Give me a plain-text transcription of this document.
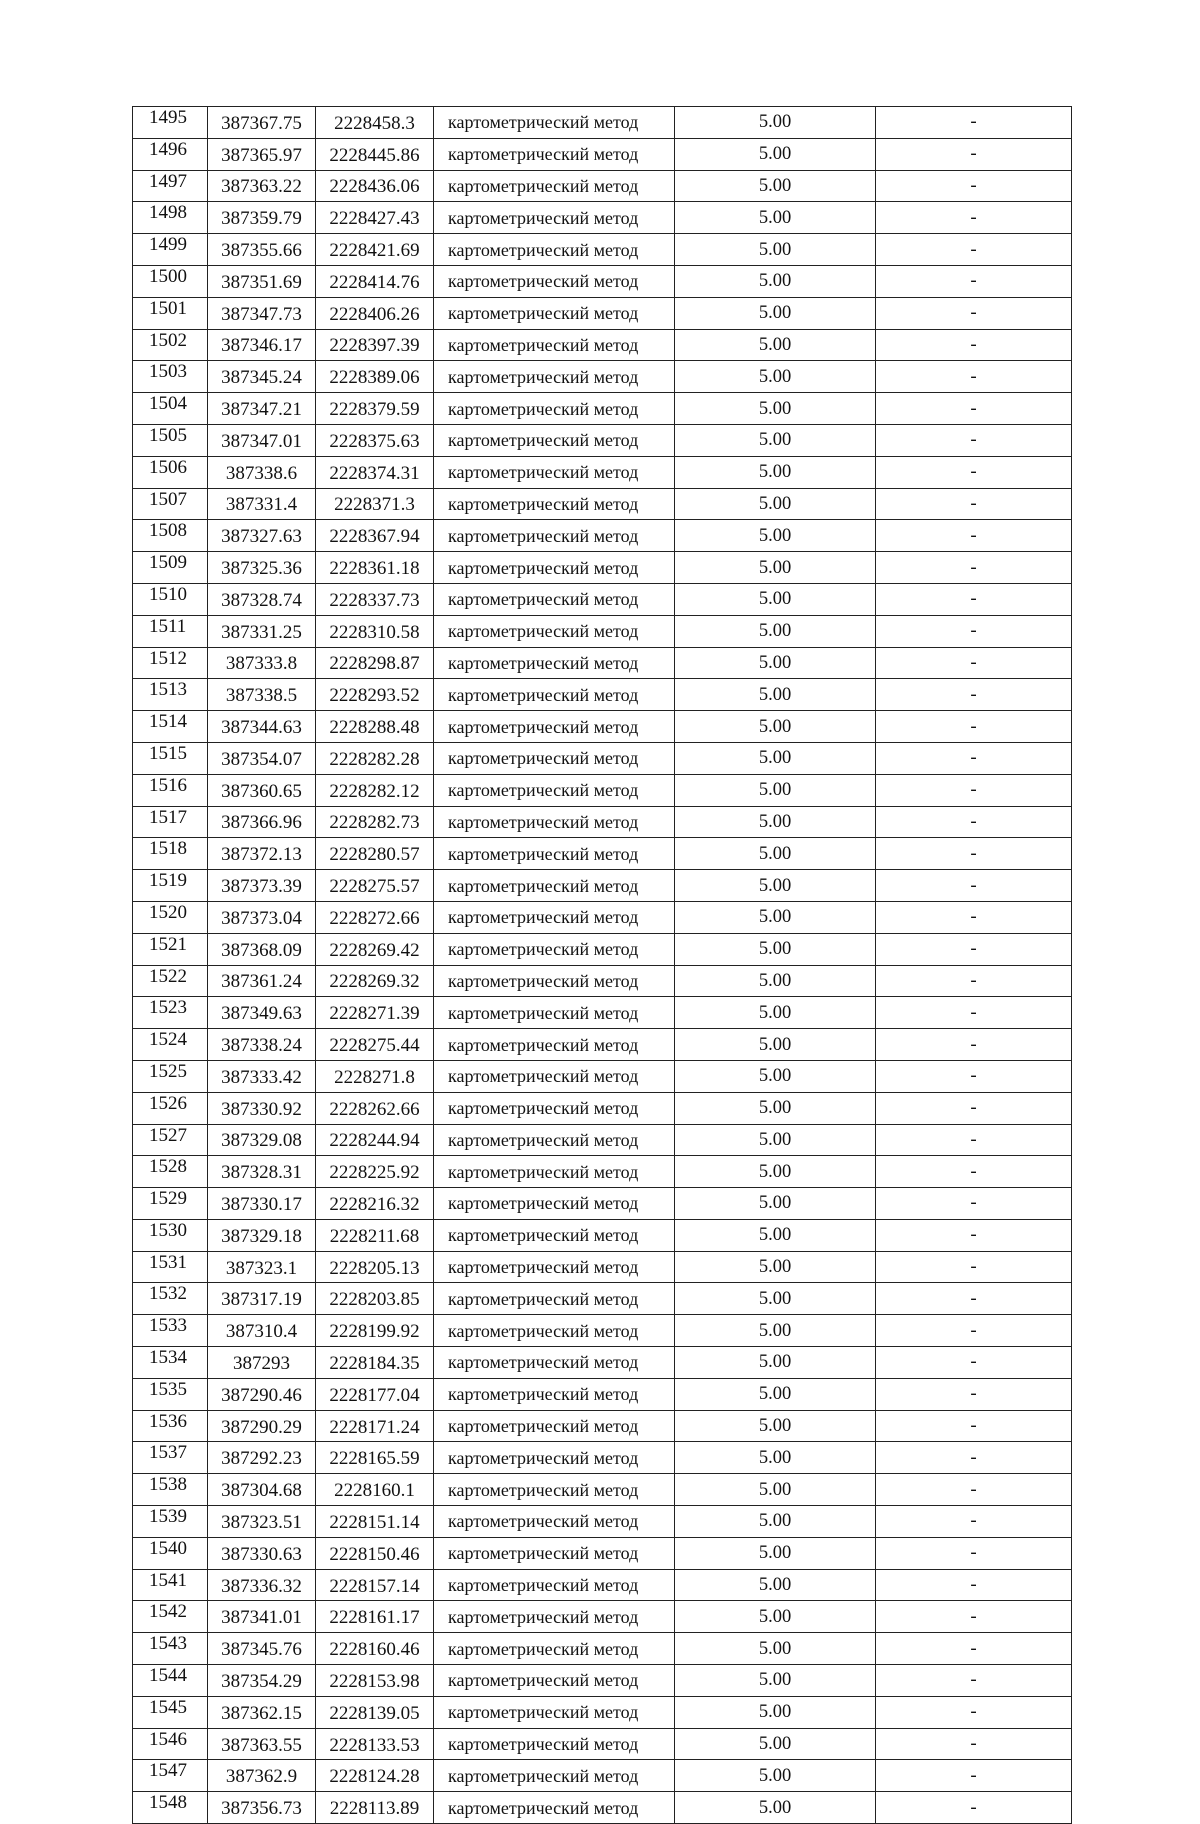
1495	387367.75	2228458.3	картометрический метод	5.00	-
1496	387365.97	2228445.86	картометрический метод	5.00	-
1497	387363.22	2228436.06	картометрический метод	5.00	-
1498	387359.79	2228427.43	картометрический метод	5.00	-
1499	387355.66	2228421.69	картометрический метод	5.00	-
1500	387351.69	2228414.76	картометрический метод	5.00	-
1501	387347.73	2228406.26	картометрический метод	5.00	-
1502	387346.17	2228397.39	картометрический метод	5.00	-
1503	387345.24	2228389.06	картометрический метод	5.00	-
1504	387347.21	2228379.59	картометрический метод	5.00	-
1505	387347.01	2228375.63	картометрический метод	5.00	-
1506	387338.6	2228374.31	картометрический метод	5.00	-
1507	387331.4	2228371.3	картометрический метод	5.00	-
1508	387327.63	2228367.94	картометрический метод	5.00	-
1509	387325.36	2228361.18	картометрический метод	5.00	-
1510	387328.74	2228337.73	картометрический метод	5.00	-
1511	387331.25	2228310.58	картометрический метод	5.00	-
1512	387333.8	2228298.87	картометрический метод	5.00	-
1513	387338.5	2228293.52	картометрический метод	5.00	-
1514	387344.63	2228288.48	картометрический метод	5.00	-
1515	387354.07	2228282.28	картометрический метод	5.00	-
1516	387360.65	2228282.12	картометрический метод	5.00	-
1517	387366.96	2228282.73	картометрический метод	5.00	-
1518	387372.13	2228280.57	картометрический метод	5.00	-
1519	387373.39	2228275.57	картометрический метод	5.00	-
1520	387373.04	2228272.66	картометрический метод	5.00	-
1521	387368.09	2228269.42	картометрический метод	5.00	-
1522	387361.24	2228269.32	картометрический метод	5.00	-
1523	387349.63	2228271.39	картометрический метод	5.00	-
1524	387338.24	2228275.44	картометрический метод	5.00	-
1525	387333.42	2228271.8	картометрический метод	5.00	-
1526	387330.92	2228262.66	картометрический метод	5.00	-
1527	387329.08	2228244.94	картометрический метод	5.00	-
1528	387328.31	2228225.92	картометрический метод	5.00	-
1529	387330.17	2228216.32	картометрический метод	5.00	-
1530	387329.18	2228211.68	картометрический метод	5.00	-
1531	387323.1	2228205.13	картометрический метод	5.00	-
1532	387317.19	2228203.85	картометрический метод	5.00	-
1533	387310.4	2228199.92	картометрический метод	5.00	-
1534	387293	2228184.35	картометрический метод	5.00	-
1535	387290.46	2228177.04	картометрический метод	5.00	-
1536	387290.29	2228171.24	картометрический метод	5.00	-
1537	387292.23	2228165.59	картометрический метод	5.00	-
1538	387304.68	2228160.1	картометрический метод	5.00	-
1539	387323.51	2228151.14	картометрический метод	5.00	-
1540	387330.63	2228150.46	картометрический метод	5.00	-
1541	387336.32	2228157.14	картометрический метод	5.00	-
1542	387341.01	2228161.17	картометрический метод	5.00	-
1543	387345.76	2228160.46	картометрический метод	5.00	-
1544	387354.29	2228153.98	картометрический метод	5.00	-
1545	387362.15	2228139.05	картометрический метод	5.00	-
1546	387363.55	2228133.53	картометрический метод	5.00	-
1547	387362.9	2228124.28	картометрический метод	5.00	-
1548	387356.73	2228113.89	картометрический метод	5.00	-
